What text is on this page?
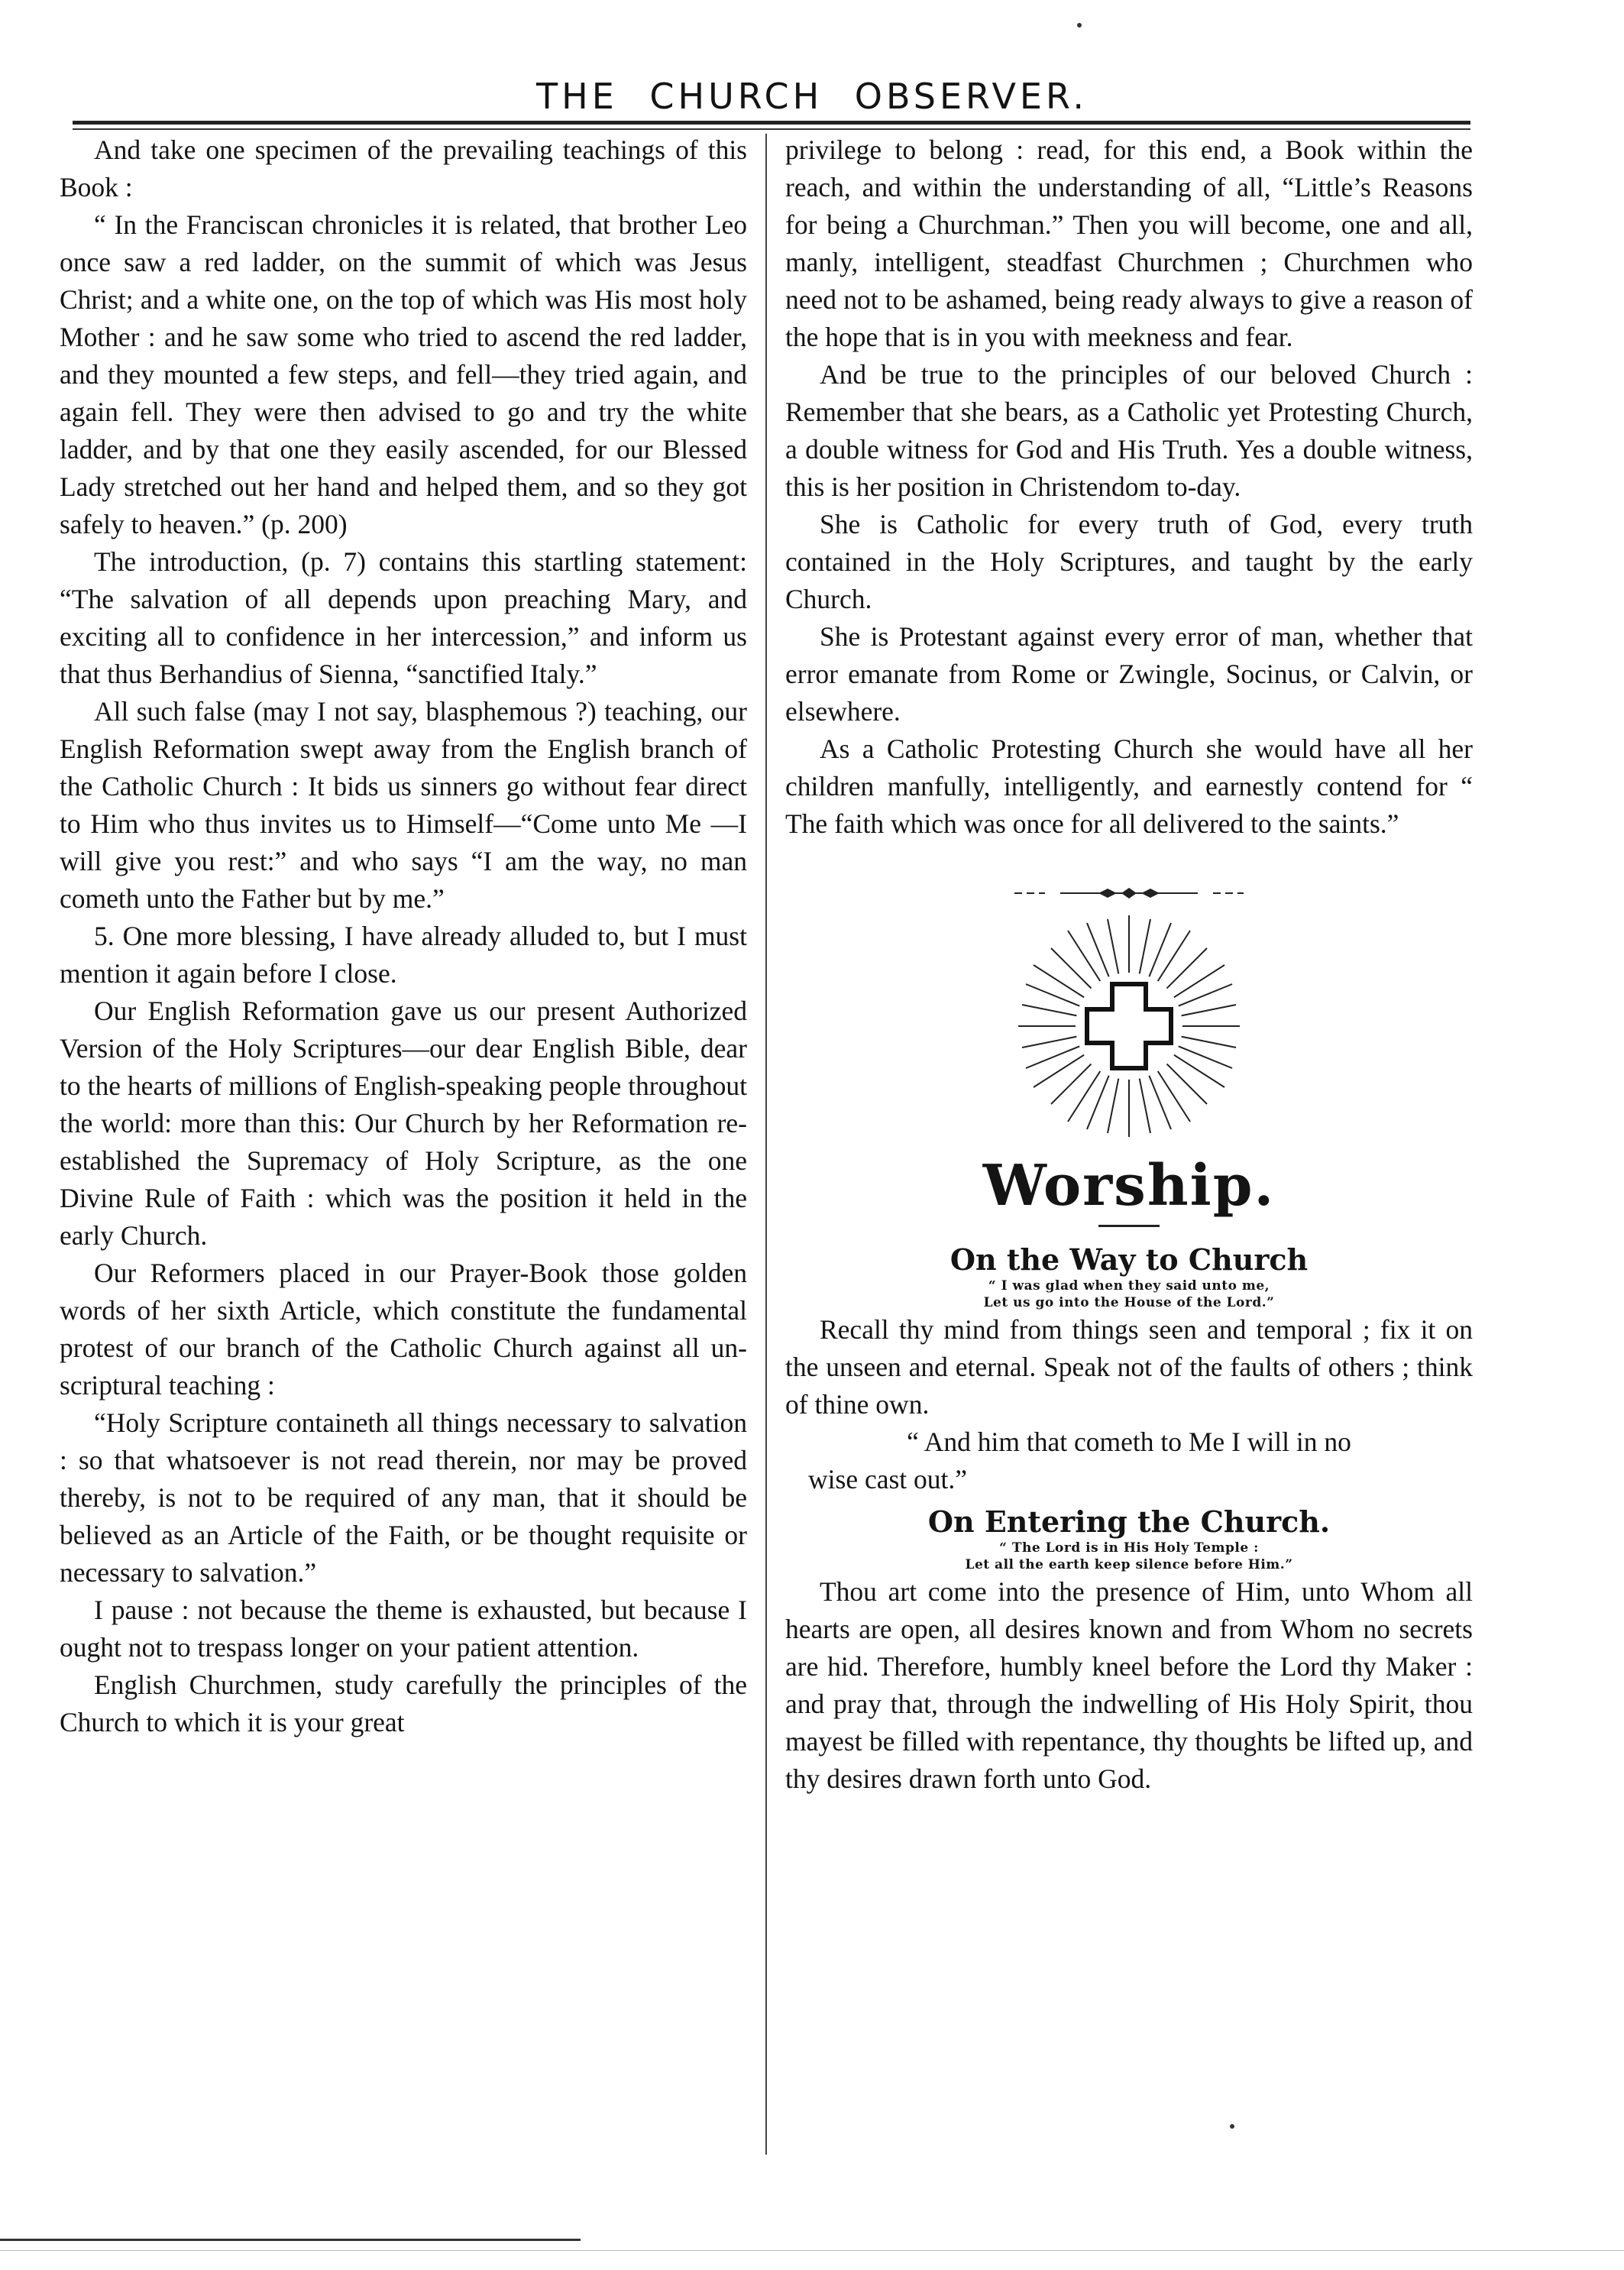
THE CHURCH OBSERVER.

And take one specimen of the prevailing teachings of this Book :

“ In the Franciscan chronicles it is related, that brother Leo once saw a red ladder, on the summit of which was Jesus Christ; and a white one, on the top of which was His most holy Mother : and he saw some who tried to ascend the red ladder, and they mounted a few steps, and fell—they tried again, and again fell. They were then advised to go and try the white ladder, and by that one they easily ascended, for our Blessed Lady stretched out her hand and helped them, and so they got safely to heaven.” (p. 200)

The introduction, (p. 7) contains this startling statement: “The salvation of all depends upon preaching Mary, and exciting all to confidence in her intercession,” and inform us that thus Berhandius of Sienna, “sanctified Italy.”

All such false (may I not say, blasphemous ?) teaching, our English Reformation swept away from the English branch of the Catholic Church : It bids us sinners go without fear direct to Him who thus invites us to Himself—“Come unto Me —I will give you rest:” and who says “I am the way, no man cometh unto the Father but by me.”

5. One more blessing, I have already alluded to, but I must mention it again before I close.

Our English Reformation gave us our present Authorized Version of the Holy Scriptures—our dear English Bible, dear to the hearts of millions of English-speaking people throughout the world: more than this: Our Church by her Reformation re-established the Supremacy of Holy Scripture, as the one Divine Rule of Faith : which was the position it held in the early Church.

Our Reformers placed in our Prayer-Book those golden words of her sixth Article, which constitute the fundamental protest of our branch of the Catholic Church against all un-scriptural teaching :

“Holy Scripture containeth all things necessary to salvation : so that whatsoever is not read therein, nor may be proved thereby, is not to be required of any man, that it should be believed as an Article of the Faith, or be thought requisite or necessary to salvation.”

I pause : not because the theme is exhausted, but because I ought not to trespass longer on your patient attention.

English Churchmen, study carefully the principles of the Church to which it is your great

privilege to belong : read, for this end, a Book within the reach, and within the understanding of all, “Little’s Reasons for being a Churchman.” Then you will become, one and all, manly, intelligent, steadfast Churchmen ; Churchmen who need not to be ashamed, being ready always to give a reason of the hope that is in you with meekness and fear.

And be true to the principles of our beloved Church : Remember that she bears, as a Catholic yet Protesting Church, a double witness for God and His Truth. Yes a double witness, this is her position in Christendom to-day.

She is Catholic for every truth of God, every truth contained in the Holy Scriptures, and taught by the early Church.

She is Protestant against every error of man, whether that error emanate from Rome or Zwingle, Socinus, or Calvin, or elsewhere.

As a Catholic Protesting Church she would have all her children manfully, intelligently, and earnestly contend for “ The faith which was once for all delivered to the saints.”

Worship.
On the Way to Church
“ I was glad when they said unto me,
Let us go into the House of the Lord.”

Recall thy mind from things seen and temporal ; fix it on the unseen and eternal. Speak not of the faults of others ; think of thine own.

“ And him that cometh to Me I will in no

wise cast out.”

On Entering the Church.
“ The Lord is in His Holy Temple :
Let all the earth keep silence before Him.”

Thou art come into the presence of Him, unto Whom all hearts are open, all desires known and from Whom no secrets are hid. Therefore, humbly kneel before the Lord thy Maker : and pray that, through the indwelling of His Holy Spirit, thou mayest be filled with repentance, thy thoughts be lifted up, and thy desires drawn forth unto God.
